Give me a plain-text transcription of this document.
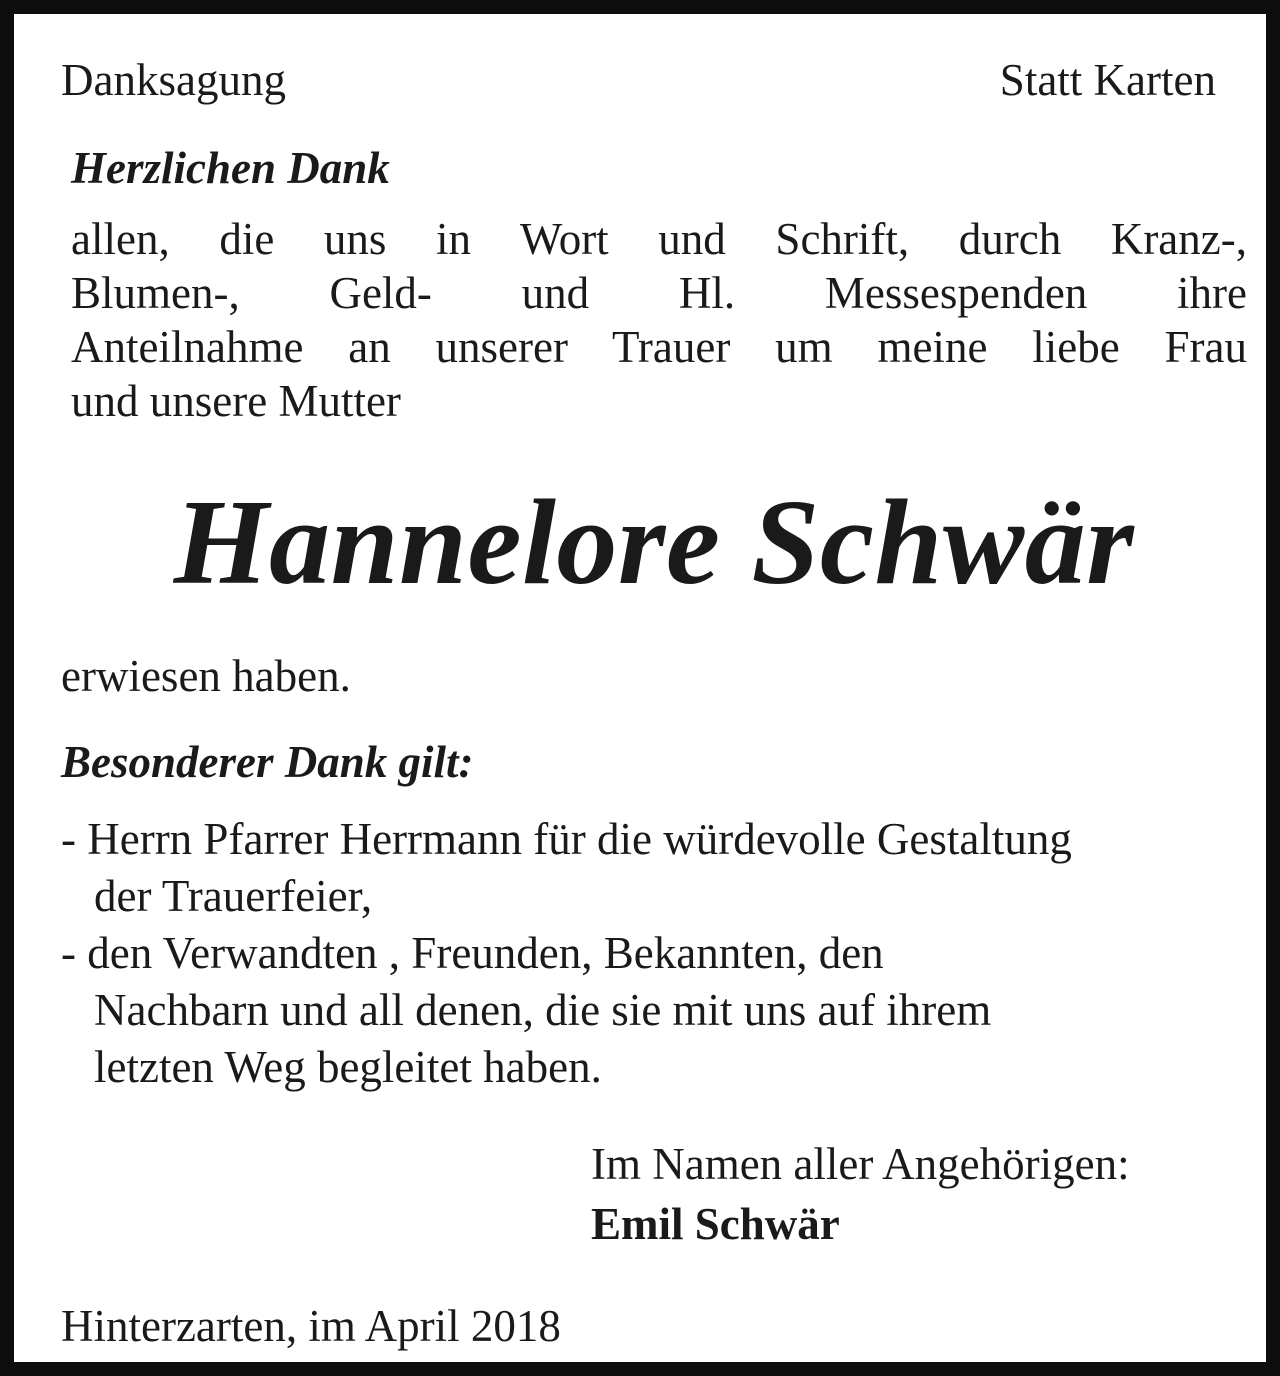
Danksagung	Statt Karten
Herzlichen Dank
allen, die uns in Wort und Schrift, durch Kranz-,
Blumen-, Geld- und Hl. Messespenden ihre
Anteilnahme an unserer Trauer um meine liebe Frau
und unsere Mutter
Hannelore Schwär
erwiesen haben.
Besonderer Dank gilt:
- Herrn Pfarrer Herrmann für die würdevolle Gestaltung
der Trauerfeier,
- den Verwandten , Freunden, Bekannten, den
Nachbarn und all denen, die sie mit uns auf ihrem
letzten Weg begleitet haben.
Im Namen aller Angehörigen:
Emil Schwär
Hinterzarten, im April 2018
